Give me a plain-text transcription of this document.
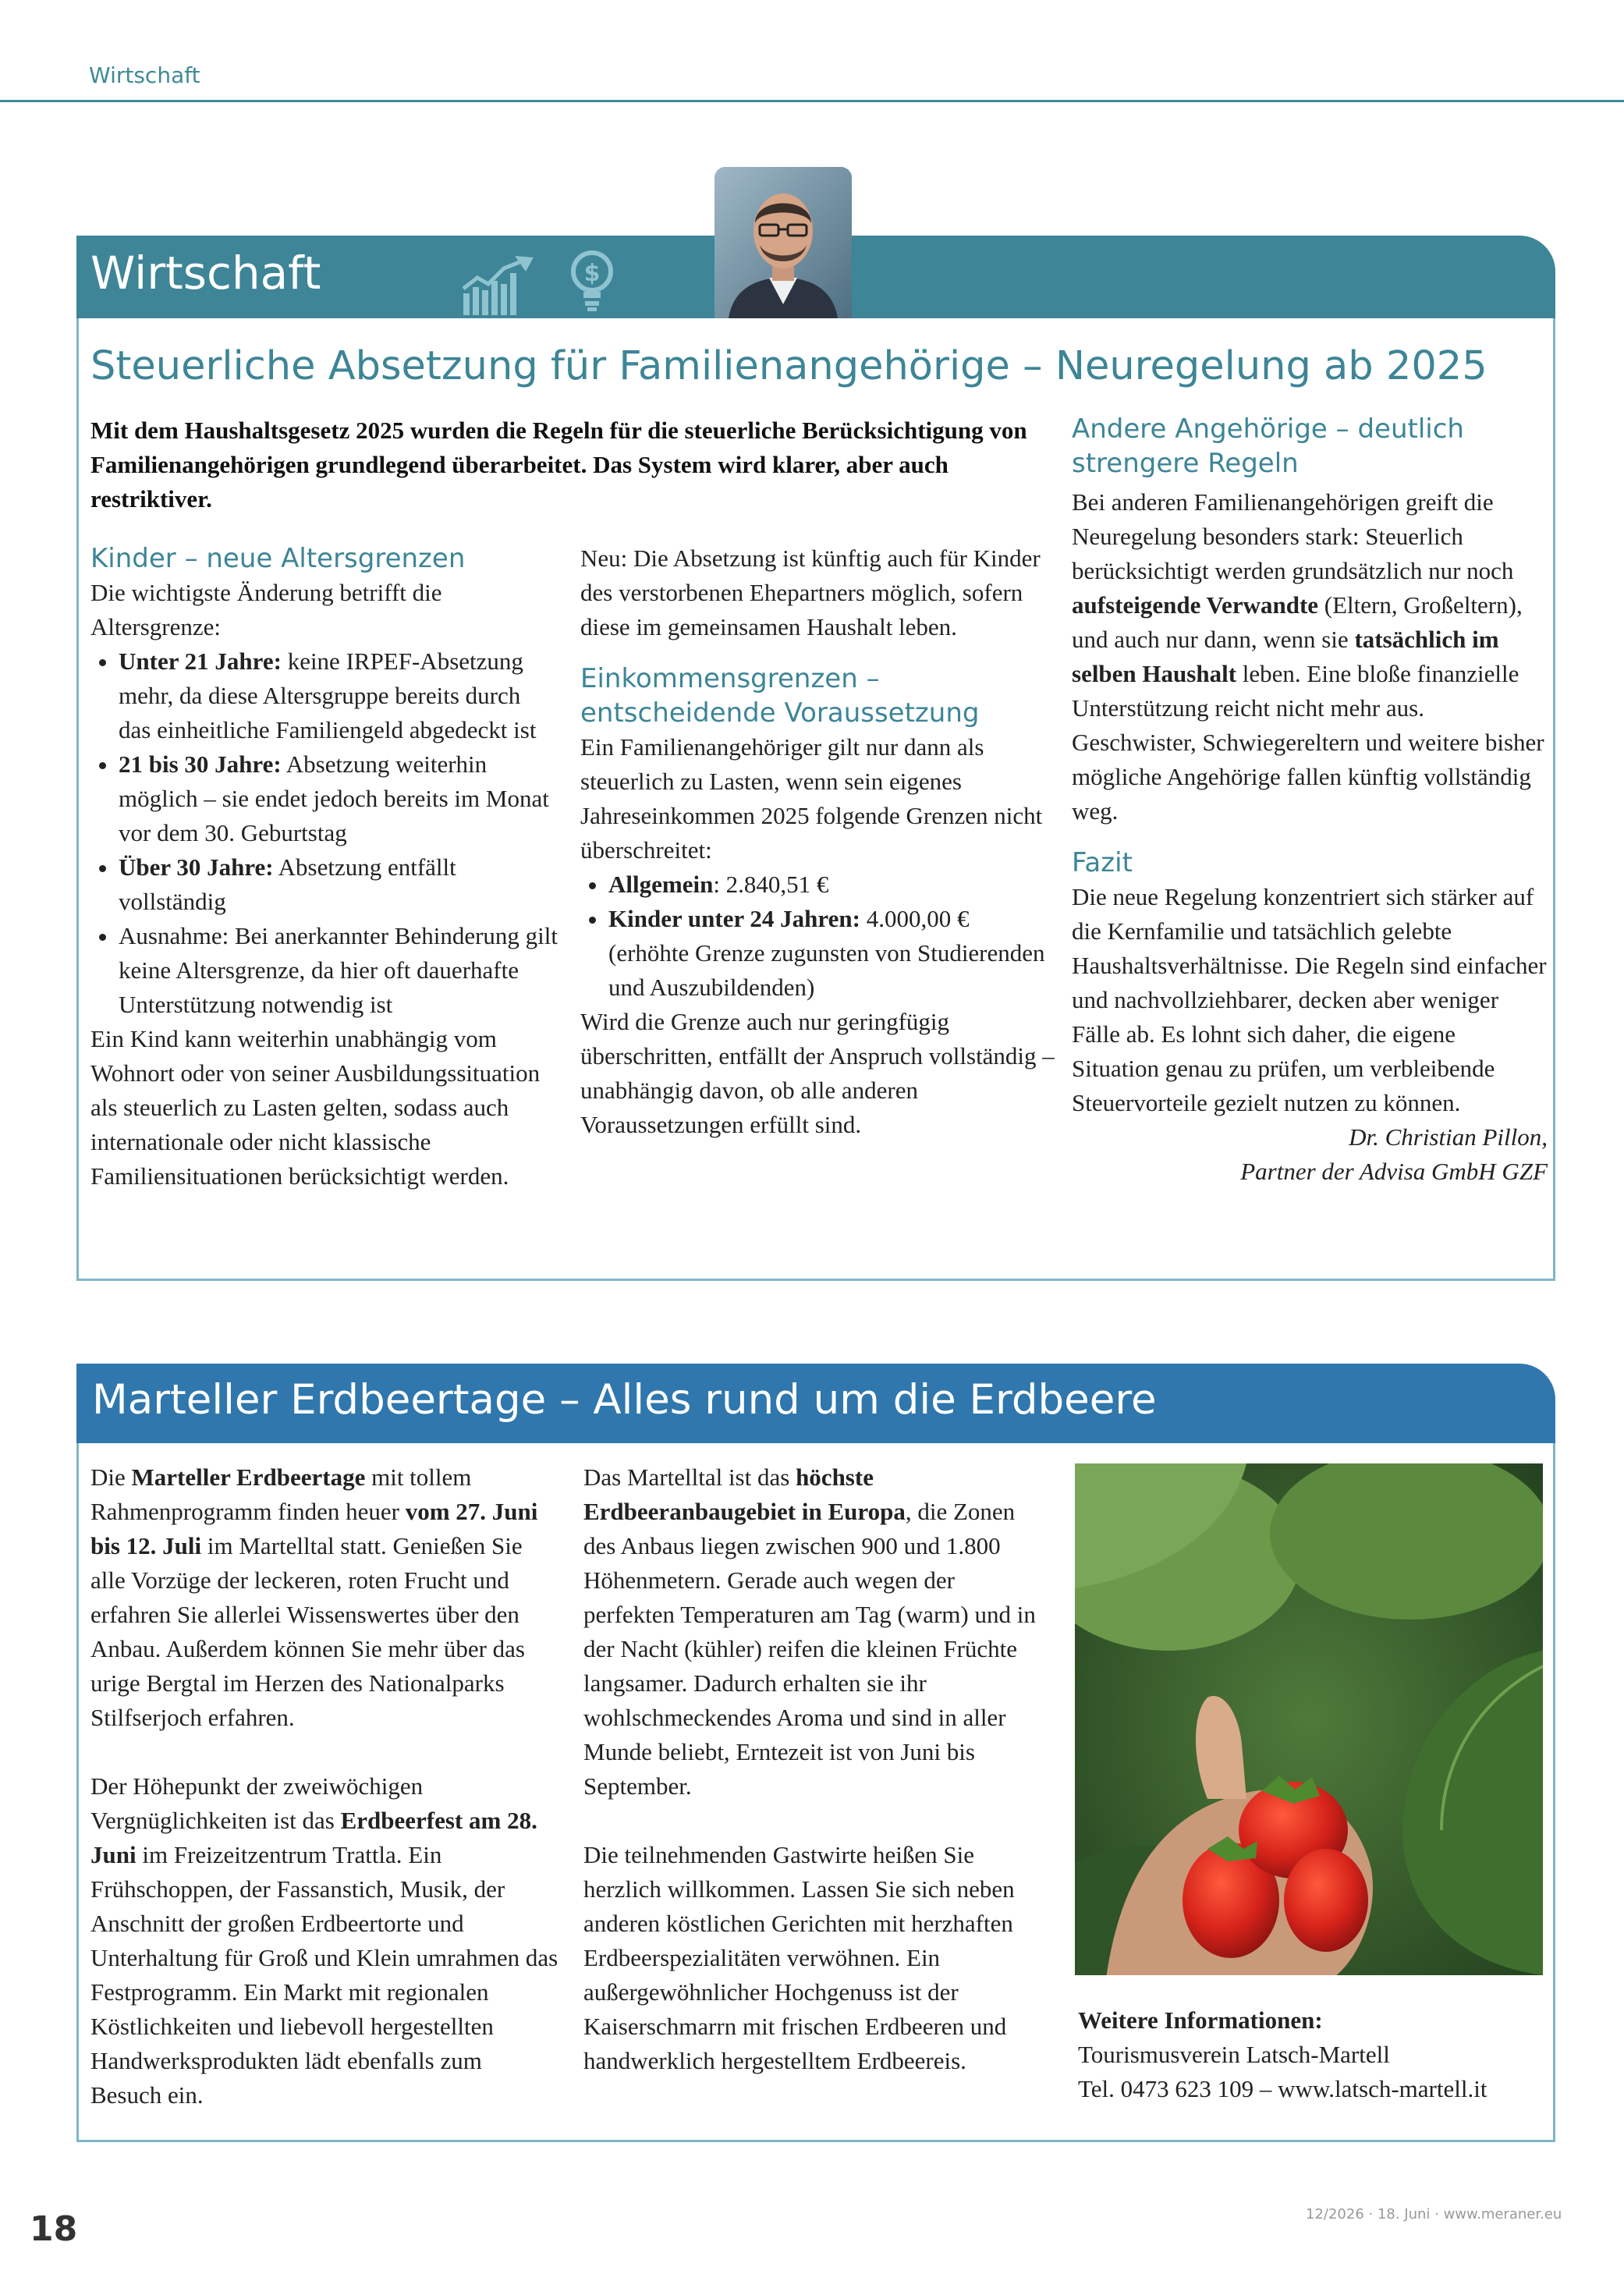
Wirtschaft
Wirtschaft	$
Steuerliche Absetzung für Familienangehörige – Neuregelung ab 2025

Mit dem Haushaltsgesetz 2025 wurden die Regeln für die steuerliche Berücksichtigung von Familienangehörigen grundlegend überarbeitet. Das System wird klarer, aber auch restriktiver.

Kinder – neue Altersgrenzen

Die wichtigste Änderung betrifft die Altersgrenze:

• Unter 21 Jahre: keine IRPEF-Absetzung mehr, da diese Altersgruppe bereits durch das einheitliche Familiengeld abgedeckt ist
• 21 bis 30 Jahre: Absetzung weiterhin möglich – sie endet jedoch bereits im Monat vor dem 30. Geburtstag
• Über 30 Jahre: Absetzung entfällt vollständig
• Ausnahme: Bei anerkannter Behinderung gilt keine Altersgrenze, da hier oft dauerhafte Unterstützung notwendig ist

Ein Kind kann weiterhin unabhängig vom Wohnort oder von seiner Ausbildungssituation als steuerlich zu Lasten gelten, sodass auch internationale oder nicht klassische Familiensituationen berücksichtigt werden.

Neu: Die Absetzung ist künftig auch für Kinder des verstorbenen Ehepartners möglich, sofern diese im gemeinsamen Haushalt leben.

Einkommensgrenzen – entscheidende Voraussetzung

Ein Familienangehöriger gilt nur dann als steuerlich zu Lasten, wenn sein eigenes Jahreseinkommen 2025 folgende Grenzen nicht überschreitet:

• Allgemein: 2.840,51 €
• Kinder unter 24 Jahren: 4.000,00 € (erhöhte Grenze zugunsten von Studierenden und Auszubildenden)

Wird die Grenze auch nur geringfügig überschritten, entfällt der Anspruch vollständig – unabhängig davon, ob alle anderen Voraussetzungen erfüllt sind.

Andere Angehörige – deutlich strengere Regeln

Bei anderen Familienangehörigen greift die Neuregelung besonders stark: Steuerlich berücksichtigt werden grundsätzlich nur noch aufsteigende Verwandte (Eltern, Großeltern), und auch nur dann, wenn sie tatsächlich im selben Haushalt leben. Eine bloße finanzielle Unterstützung reicht nicht mehr aus. Geschwister, Schwiegereltern und weitere bisher mögliche Angehörige fallen künftig vollständig weg.

Fazit

Die neue Regelung konzentriert sich stärker auf die Kernfamilie und tatsächlich gelebte Haushaltsverhältnisse. Die Regeln sind einfacher und nachvollziehbarer, decken aber weniger Fälle ab. Es lohnt sich daher, die eigene Situation genau zu prüfen, um verbleibende Steuervorteile gezielt nutzen zu können.

Dr. Christian Pillon,

Partner der Advisa GmbH GZF

Marteller Erdbeertage – Alles rund um die Erdbeere

Die Marteller Erdbeertage mit tollem Rahmenprogramm finden heuer vom 27. Juni bis 12. Juli im Martelltal statt. Genießen Sie alle Vorzüge der leckeren, roten Frucht und erfahren Sie allerlei Wissenswertes über den Anbau. Außerdem können Sie mehr über das urige Bergtal im Herzen des Nationalparks Stilfserjoch erfahren.

Der Höhepunkt der zweiwöchigen Vergnüglichkeiten ist das Erdbeerfest am 28. Juni im Freizeitzentrum Trattla. Ein Frühschoppen, der Fassanstich, Musik, der Anschnitt der großen Erdbeertorte und Unterhaltung für Groß und Klein umrahmen das Festprogramm. Ein Markt mit regionalen Köstlichkeiten und liebevoll hergestellten Handwerksprodukten lädt ebenfalls zum Besuch ein.

Das Martelltal ist das höchste Erdbeeranbaugebiet in Europa, die Zonen des Anbaus liegen zwischen 900 und 1.800 Höhenmetern. Gerade auch wegen der perfekten Temperaturen am Tag (warm) und in der Nacht (kühler) reifen die kleinen Früchte langsamer. Dadurch erhalten sie ihr wohlschmeckendes Aroma und sind in aller Munde beliebt, Erntezeit ist von Juni bis September.

Die teilnehmenden Gastwirte heißen Sie herzlich willkommen. Lassen Sie sich neben anderen köstlichen Gerichten mit herzhaften Erdbeerspezialitäten verwöhnen. Ein außergewöhnlicher Hochgenuss ist der Kaiserschmarrn mit frischen Erdbeeren und handwerklich hergestelltem Erdbeereis.

Weitere Informationen:

Tourismusverein Latsch-Martell

Tel. 0473 623 109 – www.latsch-martell.it

12/2026 · 18. Juni · www.meraner.eu
18
